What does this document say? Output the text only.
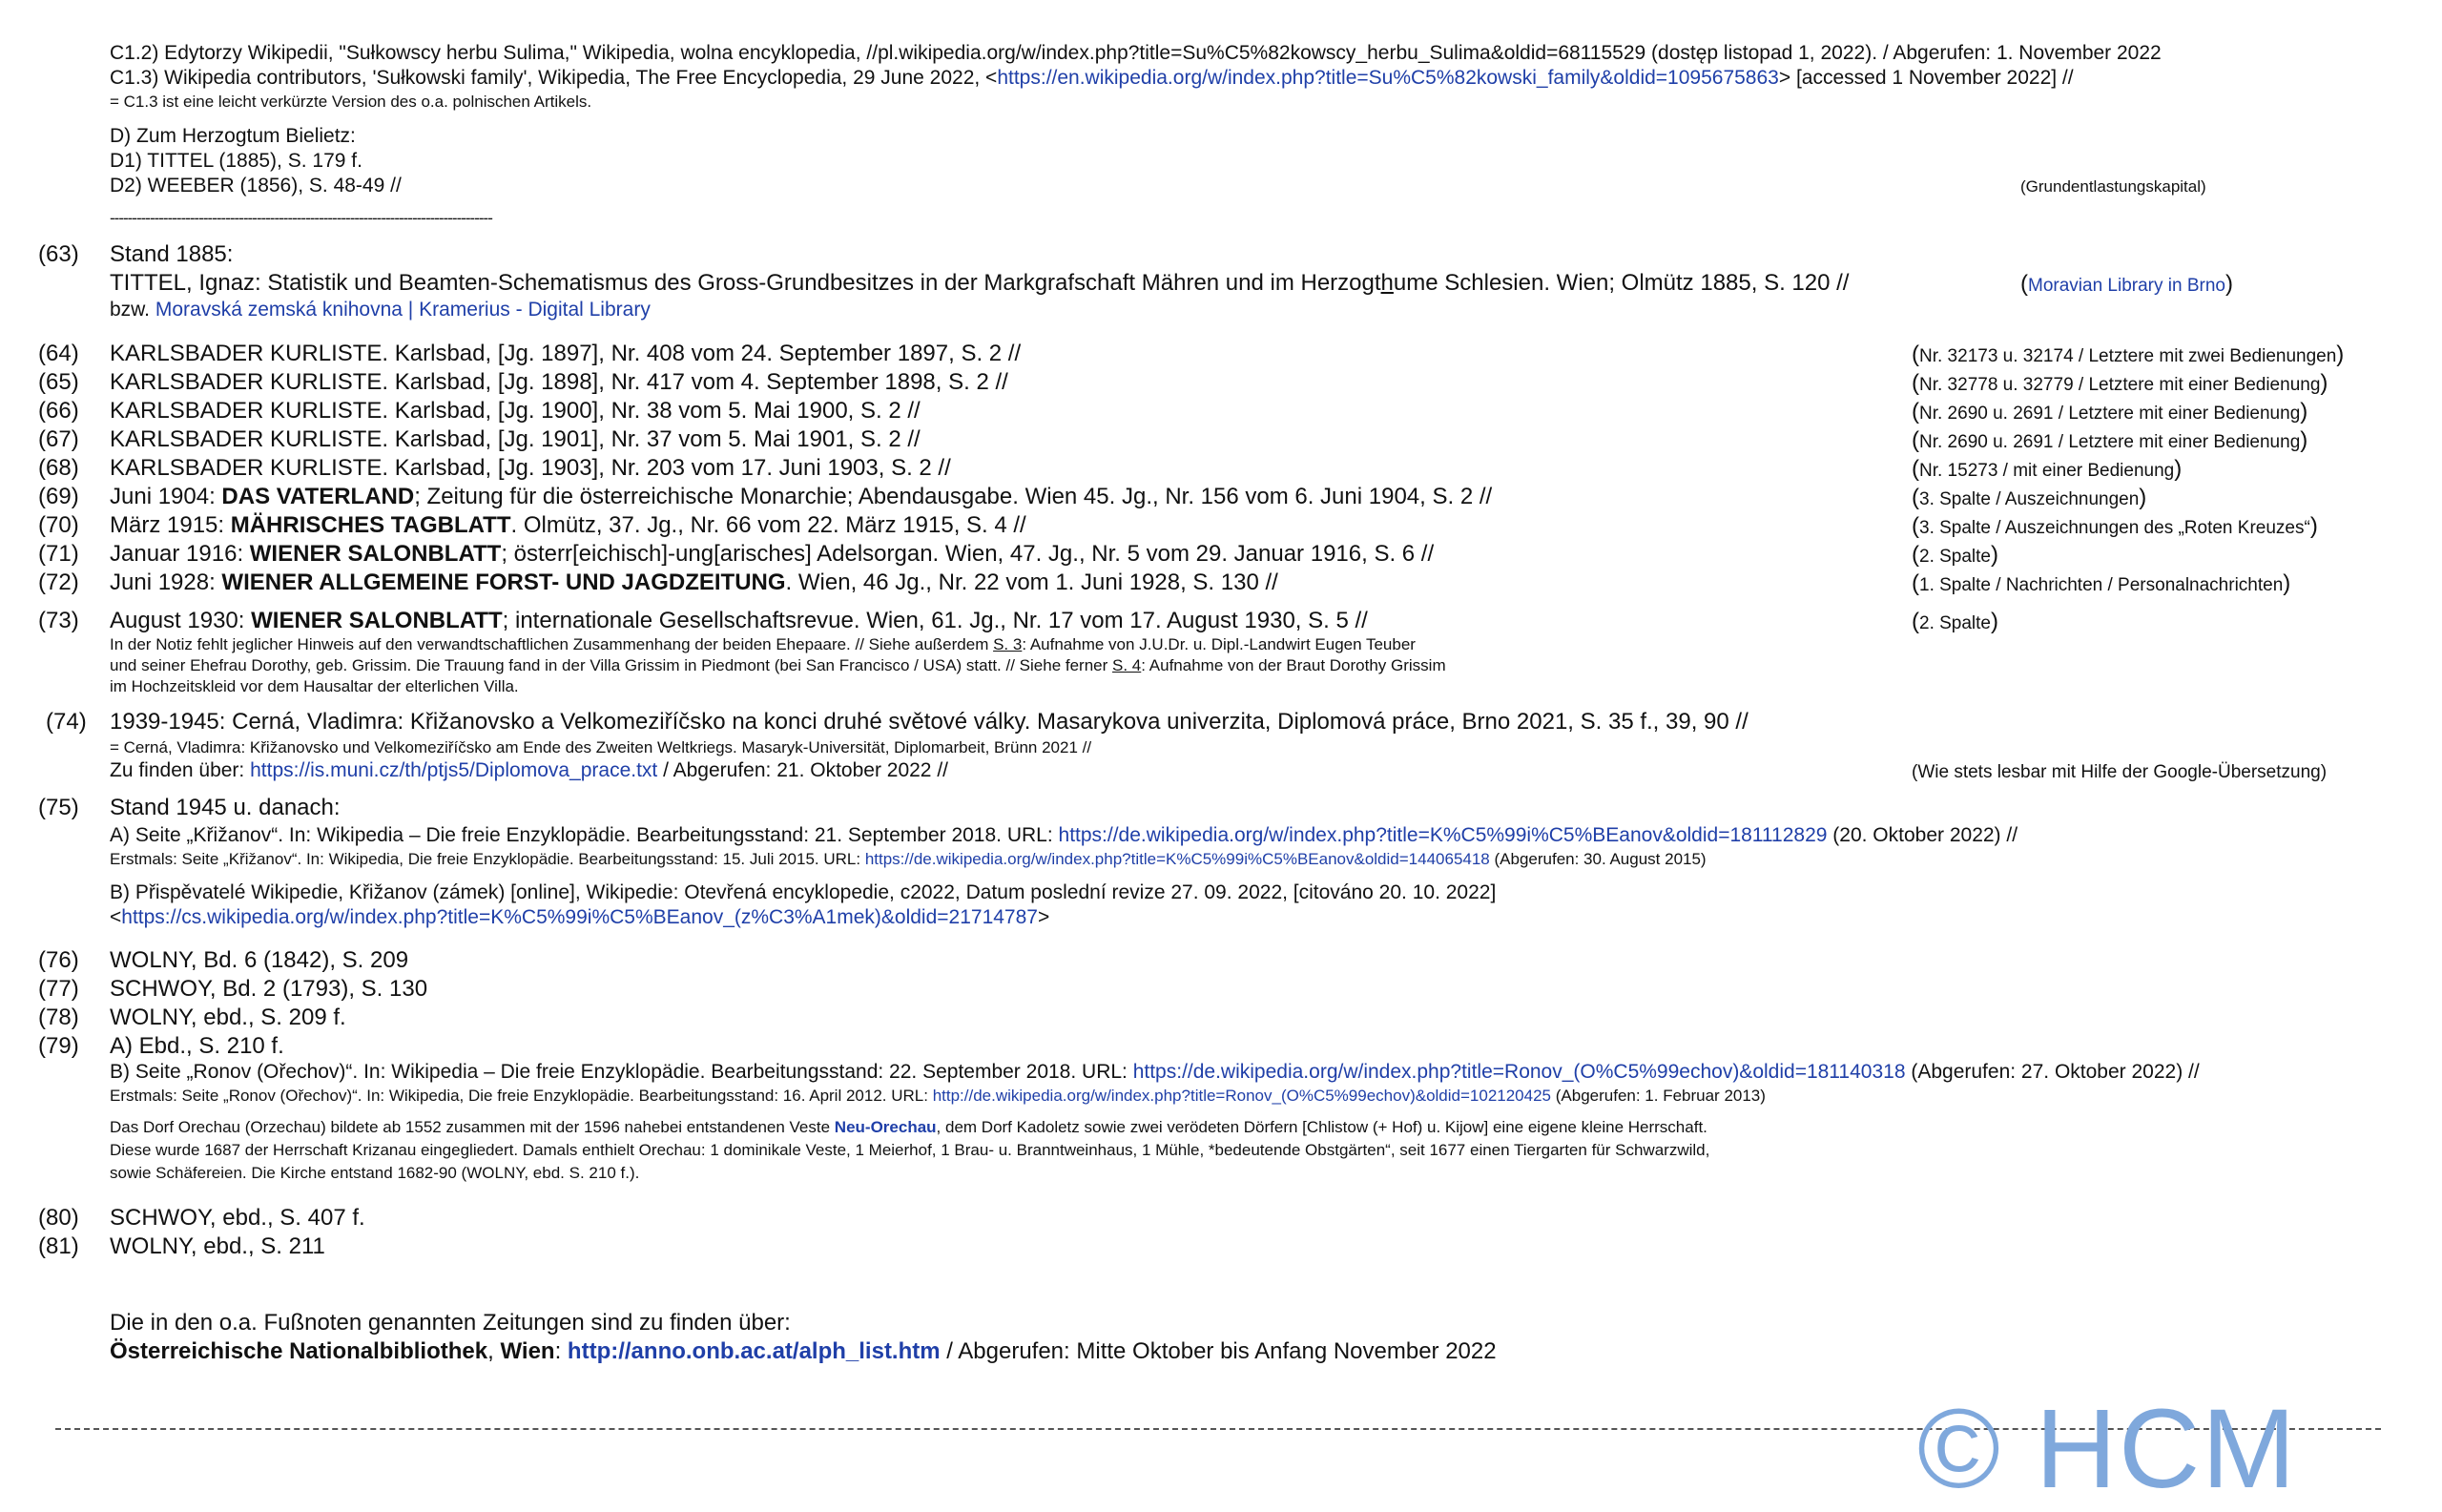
C1.2) Edytorzy Wikipedii, "Sułkowscy herbu Sulima," Wikipedia, wolna encyklopedia, //pl.wikipedia.org/w/index.php?title=Su%C5%82kowscy_herbu_Sulima&oldid=68115529 (dostęp listopad 1, 2022). / Abgerufen: 1. November 2022
C1.3) Wikipedia contributors, 'Sułkowski family', Wikipedia, The Free Encyclopedia, 29 June 2022, <https://en.wikipedia.org/w/index.php?title=Su%C5%82kowski_family&oldid=1095675863> [accessed 1 November 2022] //
= C1.3 ist eine leicht verkürzte Version des o.a. polnischen Artikels.
D) Zum Herzogtum Bielietz:
D1) TITTEL (1885), S. 179 f.
D2) WEEBER (1856), S. 48-49 //	(Grundentlastungskapital)
--------------------------------------------------------------------------------------
(63) Stand 1885:
TITTEL, Ignaz: Statistik und Beamten-Schematismus des Gross-Grundbesitzes in der Markgrafschaft Mähren und im Herzogthume Schlesien. Wien; Olmütz 1885, S. 120 //	(Moravian Library in Brno)
bzw. Moravská zemská knihovna | Kramerius - Digital Library
(64) KARLSBADER KURLISTE. Karlsbad, [Jg. 1897], Nr. 408 vom 24. September 1897, S. 2 //	(Nr. 32173 u. 32174 / Letztere mit zwei Bedienungen)
(65) KARLSBADER KURLISTE. Karlsbad, [Jg. 1898], Nr. 417 vom 4. September 1898, S. 2 //	(Nr. 32778 u. 32779 / Letztere mit einer Bedienung)
(66) KARLSBADER KURLISTE. Karlsbad, [Jg. 1900], Nr. 38 vom 5. Mai 1900, S. 2 //	(Nr. 2690 u. 2691 / Letztere mit einer Bedienung)
(67) KARLSBADER KURLISTE. Karlsbad, [Jg. 1901], Nr. 37 vom 5. Mai 1901, S. 2 //	(Nr. 2690 u. 2691 / Letztere mit einer Bedienung)
(68) KARLSBADER KURLISTE. Karlsbad, [Jg. 1903], Nr. 203 vom 17. Juni 1903, S. 2 //	(Nr. 15273 / mit einer Bedienung)
(69) Juni 1904: DAS VATERLAND; Zeitung für die österreichische Monarchie; Abendausgabe. Wien 45. Jg., Nr. 156 vom 6. Juni 1904, S. 2 //	(3. Spalte / Auszeichnungen)
(70) März 1915: MÄHRISCHES TAGBLATT. Olmütz, 37. Jg., Nr. 66 vom 22. März 1915, S. 4 //	(3. Spalte / Auszeichnungen des „Roten Kreuzes“)
(71) Januar 1916: WIENER SALONBLATT; österr[eichisch]-ung[arisches] Adelsorgan. Wien, 47. Jg., Nr. 5 vom 29. Januar 1916, S. 6 //	(2. Spalte)
(72) Juni 1928: WIENER ALLGEMEINE FORST- UND JAGDZEITUNG. Wien, 46 Jg., Nr. 22 vom 1. Juni 1928, S. 130 //	(1. Spalte / Nachrichten / Personalnachrichten)
(73) August 1930: WIENER SALONBLATT; internationale Gesellschaftsrevue. Wien, 61. Jg., Nr. 17 vom 17. August 1930, S. 5 //	(2. Spalte)
In der Notiz fehlt jeglicher Hinweis auf den verwandtschaftlichen Zusammenhang der beiden Ehepaare. // Siehe außerdem S. 3: Aufnahme von J.U.Dr. u. Dipl.-Landwirt Eugen Teuber
und seiner Ehefrau Dorothy, geb. Grissim. Die Trauung fand in der Villa Grissim in Piedmont (bei San Francisco / USA) statt. // Siehe ferner S. 4: Aufnahme von der Braut Dorothy Grissim
im Hochzeitskleid vor dem Hausaltar der elterlichen Villa.
(74) 1939-1945: Cerná, Vladimra: Křižanovsko a Velkomeziříčsko na konci druhé světové války. Masarykova univerzita, Diplomová práce, Brno 2021, S. 35 f., 39, 90 //
= Cerná, Vladimra: Křižanovsko und Velkomeziříčsko am Ende des Zweiten Weltkriegs. Masaryk-Universität, Diplomarbeit, Brünn 2021 //
Zu finden über: https://is.muni.cz/th/ptjs5/Diplomova_prace.txt / Abgerufen: 21. Oktober 2022 //	(Wie stets lesbar mit Hilfe der Google-Übersetzung)
(75) Stand 1945 u. danach:
A) Seite „Křižanov“. In: Wikipedia – Die freie Enzyklopädie. Bearbeitungsstand: 21. September 2018. URL: https://de.wikipedia.org/w/index.php?title=K%C5%99i%C5%BEanov&oldid=181112829 (20. Oktober 2022) //
Erstmals: Seite „Křižanov“. In: Wikipedia, Die freie Enzyklopädie. Bearbeitungsstand: 15. Juli 2015. URL: https://de.wikipedia.org/w/index.php?title=K%C5%99i%C5%BEanov&oldid=144065418 (Abgerufen: 30. August 2015)
B) Přispěvatelé Wikipedie, Křižanov (zámek) [online], Wikipedie: Otevřená encyklopedie, c2022, Datum poslední revize 27. 09. 2022, [citováno 20. 10. 2022]
<https://cs.wikipedia.org/w/index.php?title=K%C5%99i%C5%BEanov_(z%C3%A1mek)&oldid=21714787>
(76) WOLNY, Bd. 6 (1842), S. 209
(77) SCHWOY, Bd. 2 (1793), S. 130
(78) WOLNY, ebd., S. 209 f.
(79) A) Ebd., S. 210 f.
B) Seite „Ronov (Ořechov)“. In: Wikipedia – Die freie Enzyklopädie. Bearbeitungsstand: 22. September 2018. URL: https://de.wikipedia.org/w/index.php?title=Ronov_(O%C5%99echov)&oldid=181140318 (Abgerufen: 27. Oktober 2022) //
Erstmals: Seite „Ronov (Ořechov)“. In: Wikipedia, Die freie Enzyklopädie. Bearbeitungsstand: 16. April 2012. URL: http://de.wikipedia.org/w/index.php?title=Ronov_(O%C5%99echov)&oldid=102120425 (Abgerufen: 1. Februar 2013)
Das Dorf Orechau (Orzechau) bildete ab 1552 zusammen mit der 1596 nahebei entstandenen Veste Neu-Orechau, dem Dorf Kadoletz sowie zwei verödeten Dörfern [Chlistow (+ Hof) u. Kijow] eine eigene kleine Herrschaft.
Diese wurde 1687 der Herrschaft Krizanau eingegliedert. Damals enthielt Orechau: 1 dominikale Veste, 1 Meierhof, 1 Brau- u. Branntweinhaus, 1 Mühle, *bedeutende Obstgärten“, seit 1677 einen Tiergarten für Schwarzwild,
sowie Schäfereien. Die Kirche entstand 1682-90 (WOLNY, ebd. S. 210 f.).
(80) SCHWOY, ebd., S. 407 f.
(81) WOLNY, ebd., S. 211
Die in den o.a. Fußnoten genannten Zeitungen sind zu finden über:
Österreichische Nationalbibliothek, Wien: http://anno.onb.ac.at/alph_list.htm / Abgerufen: Mitte Oktober bis Anfang November 2022
© HCM
